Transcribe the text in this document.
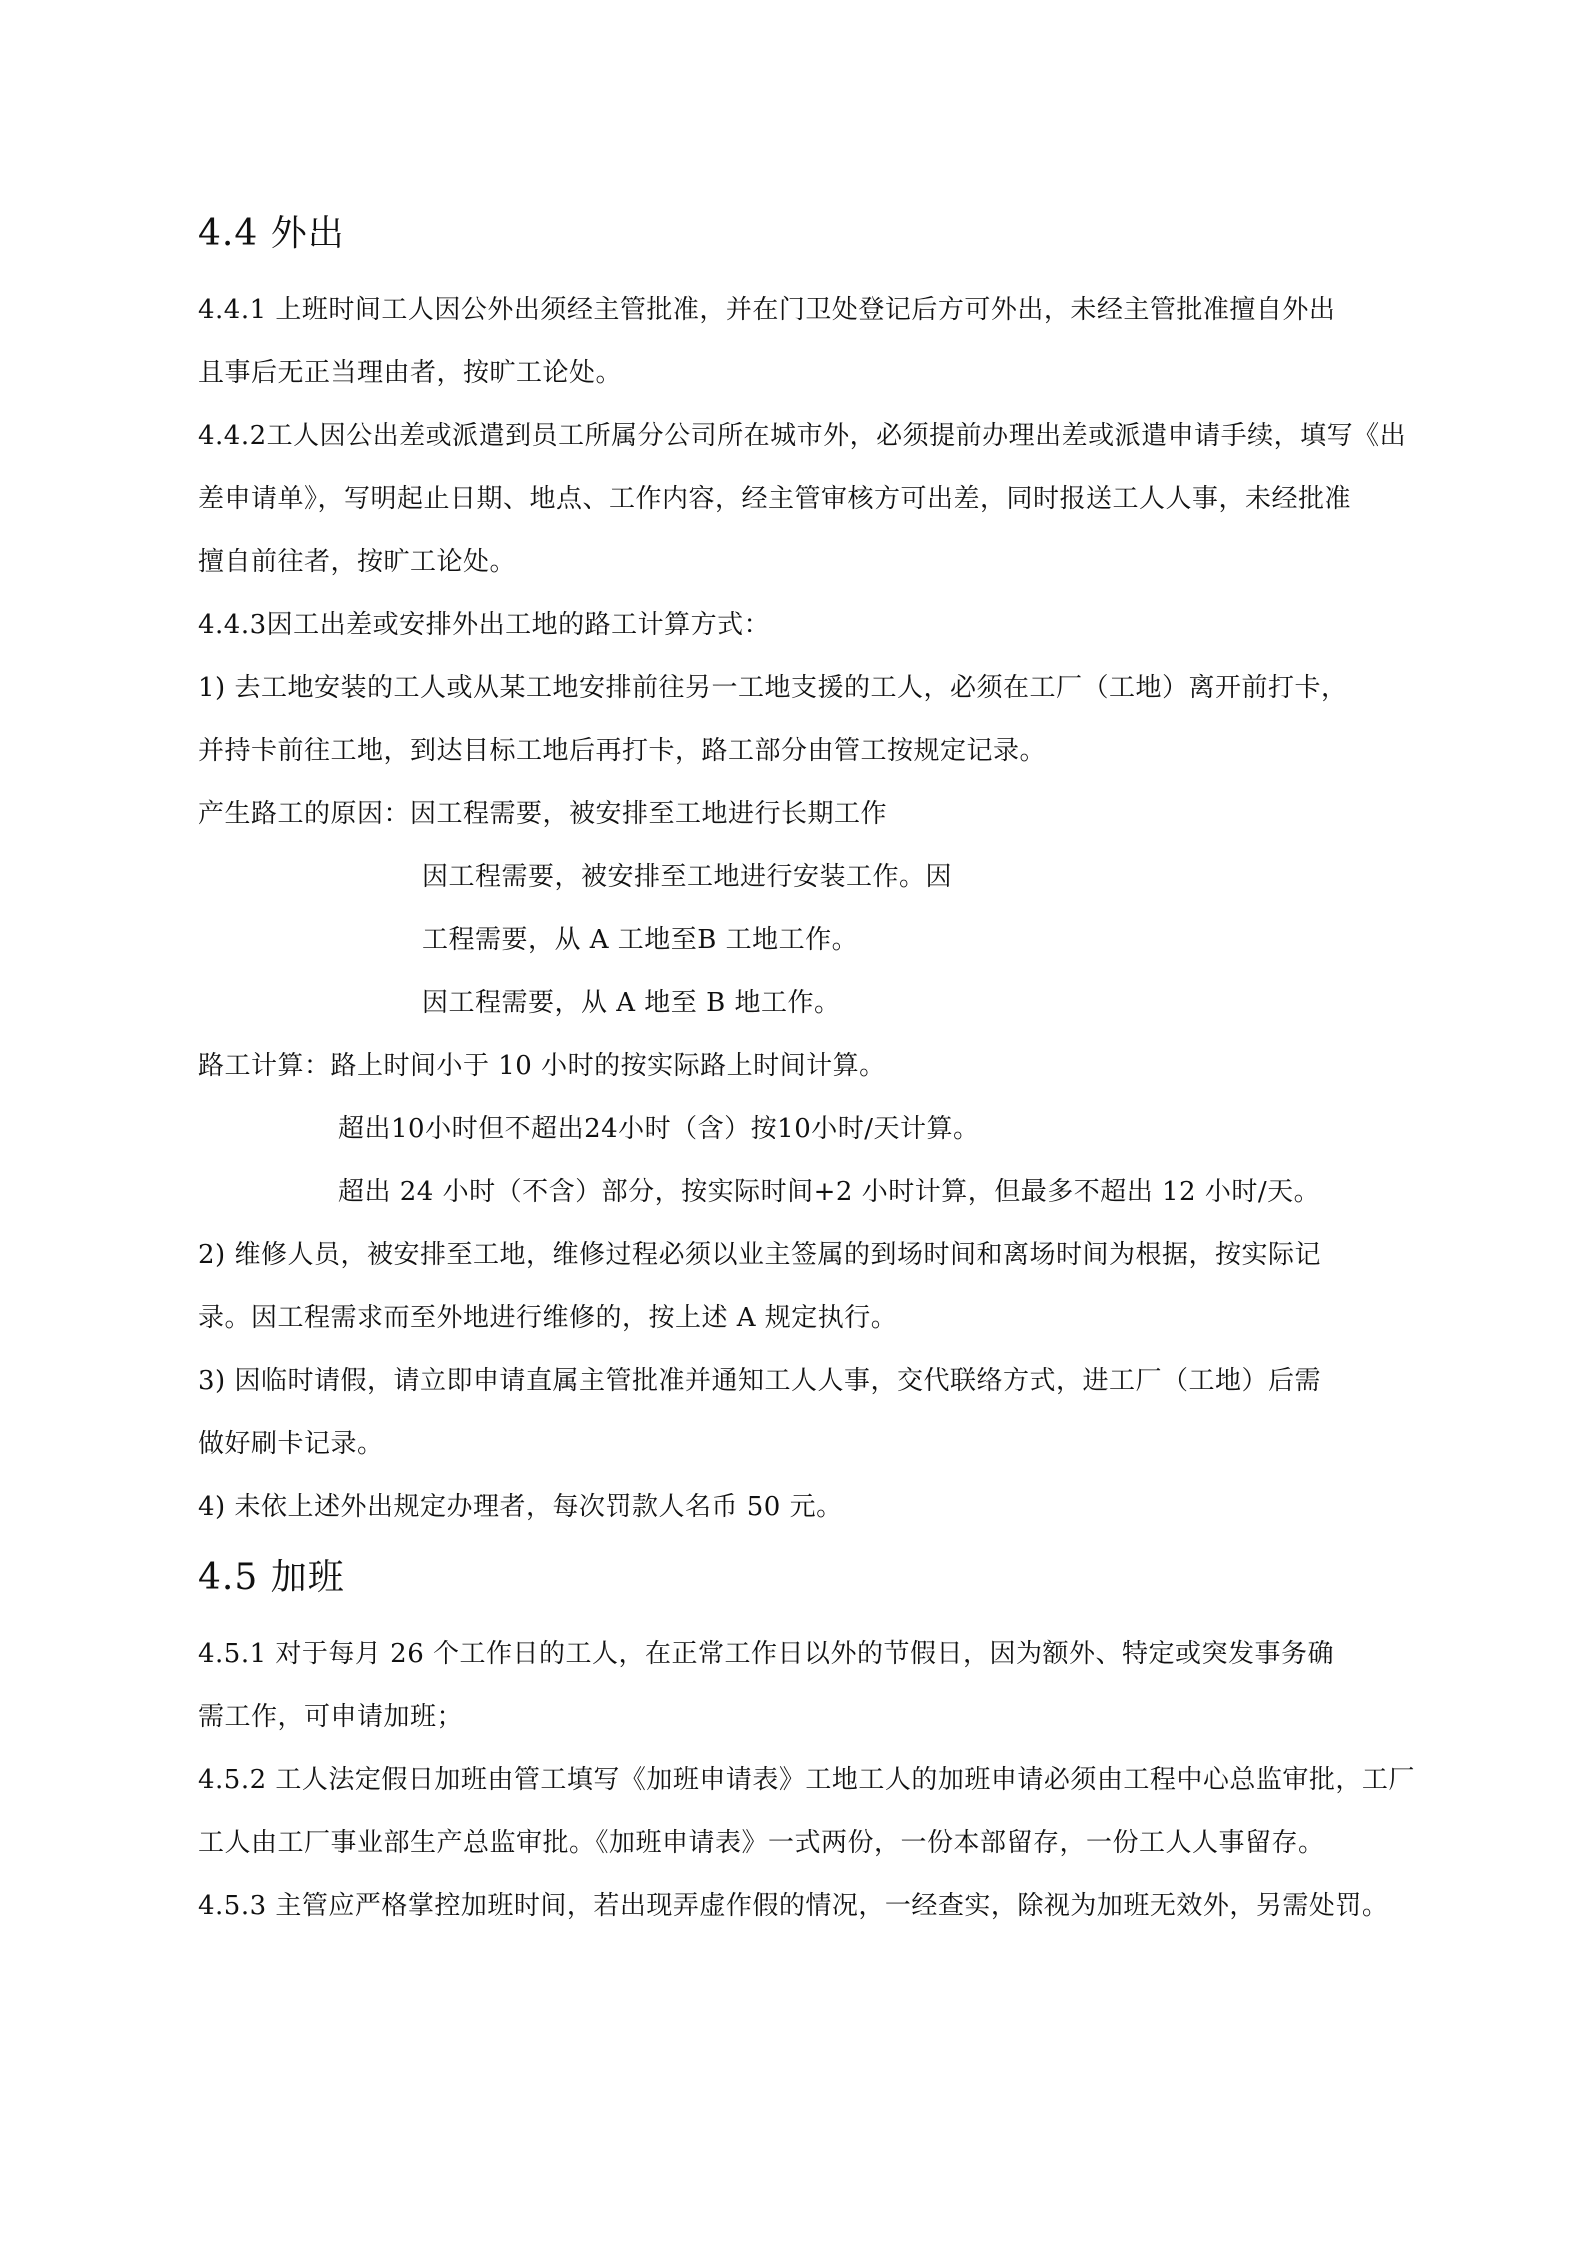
4.4 外出
4.4.1 上班时间工人因公外出须经主管批准，并在门卫处登记后方可外出，未经主管批准擅自外出
且事后无正当理由者，按旷工论处。
4.4.2工人因公出差或派遣到员工所属分公司所在城市外，必须提前办理出差或派遣申请手续，填写《出
差申请单》，写明起止日期、地点、工作内容，经主管审核方可出差，同时报送工人人事，未经批准
擅自前往者，按旷工论处。
4.4.3因工出差或安排外出工地的路工计算方式：
1) 去工地安装的工人或从某工地安排前往另一工地支援的工人，必须在工厂（工地）离开前打卡，
并持卡前往工地，到达目标工地后再打卡，路工部分由管工按规定记录。
产生路工的原因：因工程需要，被安排至工地进行长期工作
因工程需要，被安排至工地进行安装工作。因
工程需要，从 A 工地至B 工地工作。
因工程需要，从 A 地至 B 地工作。
路工计算：路上时间小于 10 小时的按实际路上时间计算。
超出10小时但不超出24小时（含）按10小时/天计算。
超出 24 小时（不含）部分，按实际时间+2 小时计算，但最多不超出 12 小时/天。
2) 维修人员，被安排至工地，维修过程必须以业主签属的到场时间和离场时间为根据，按实际记
录。因工程需求而至外地进行维修的，按上述 A 规定执行。
3) 因临时请假，请立即申请直属主管批准并通知工人人事，交代联络方式，进工厂（工地）后需
做好刷卡记录。
4) 未依上述外出规定办理者，每次罚款人名币 50 元。
4.5 加班
4.5.1 对于每月 26 个工作日的工人，在正常工作日以外的节假日，因为额外、特定或突发事务确
需工作，可申请加班；
4.5.2 工人法定假日加班由管工填写《加班申请表》工地工人的加班申请必须由工程中心总监审批，工厂
工人由工厂事业部生产总监审批。《加班申请表》一式两份，一份本部留存，一份工人人事留存。
4.5.3 主管应严格掌控加班时间，若出现弄虚作假的情况，一经查实，除视为加班无效外，另需处罚。
